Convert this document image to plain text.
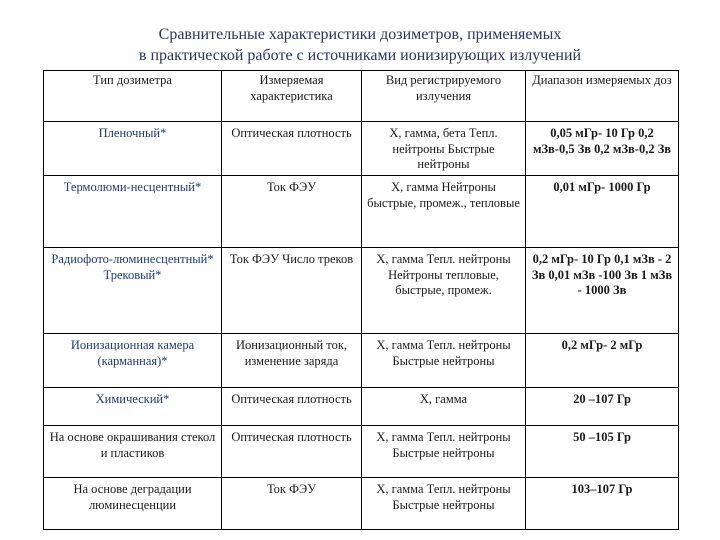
Сравнительные характеристики дозиметров, применяемых
в практической работе с источниками ионизирующих излучений
Тип дозиметра	Измеряемая характеристика	Вид регистрируемого излучения	Диапазон измеряемых доз
Пленочный*	Оптическая плотность	X, гамма, бета Тепл. нейтроны Быстрые нейтроны	0,05 мГр- 10 Гр 0,2 мЗв-0,5 Зв 0,2 мЗв-0,2 Зв
Термолюми-несцентный*	Ток ФЭУ	X, гамма Нейтроны быстрые, промеж., тепловые	0,01 мГр- 1000 Гр
Радиофото-люминесцентный* Трековый*	Ток ФЭУ Число треков	X, гамма Тепл. нейтроны Нейтроны тепловые, быстрые, промеж.	0,2 мГр- 10 Гр 0,1 мЗв - 2 Зв 0,01 мЗв -100 Зв 1 мЗв - 1000 Зв
Ионизационная камера (карманная)*	Ионизационный ток, изменение заряда	X, гамма Тепл. нейтроны Быстрые нейтроны	0,2 мГр- 2 мГр
Химический*	Оптическая плотность	X, гамма	20 –107 Гр
На основе окрашивания стекол и пластиков	Оптическая плотность	X, гамма Тепл. нейтроны Быстрые нейтроны	50 –105 Гр
На основе деградации люминесценции	Ток ФЭУ	X, гамма Тепл. нейтроны Быстрые нейтроны	103–107 Гр
